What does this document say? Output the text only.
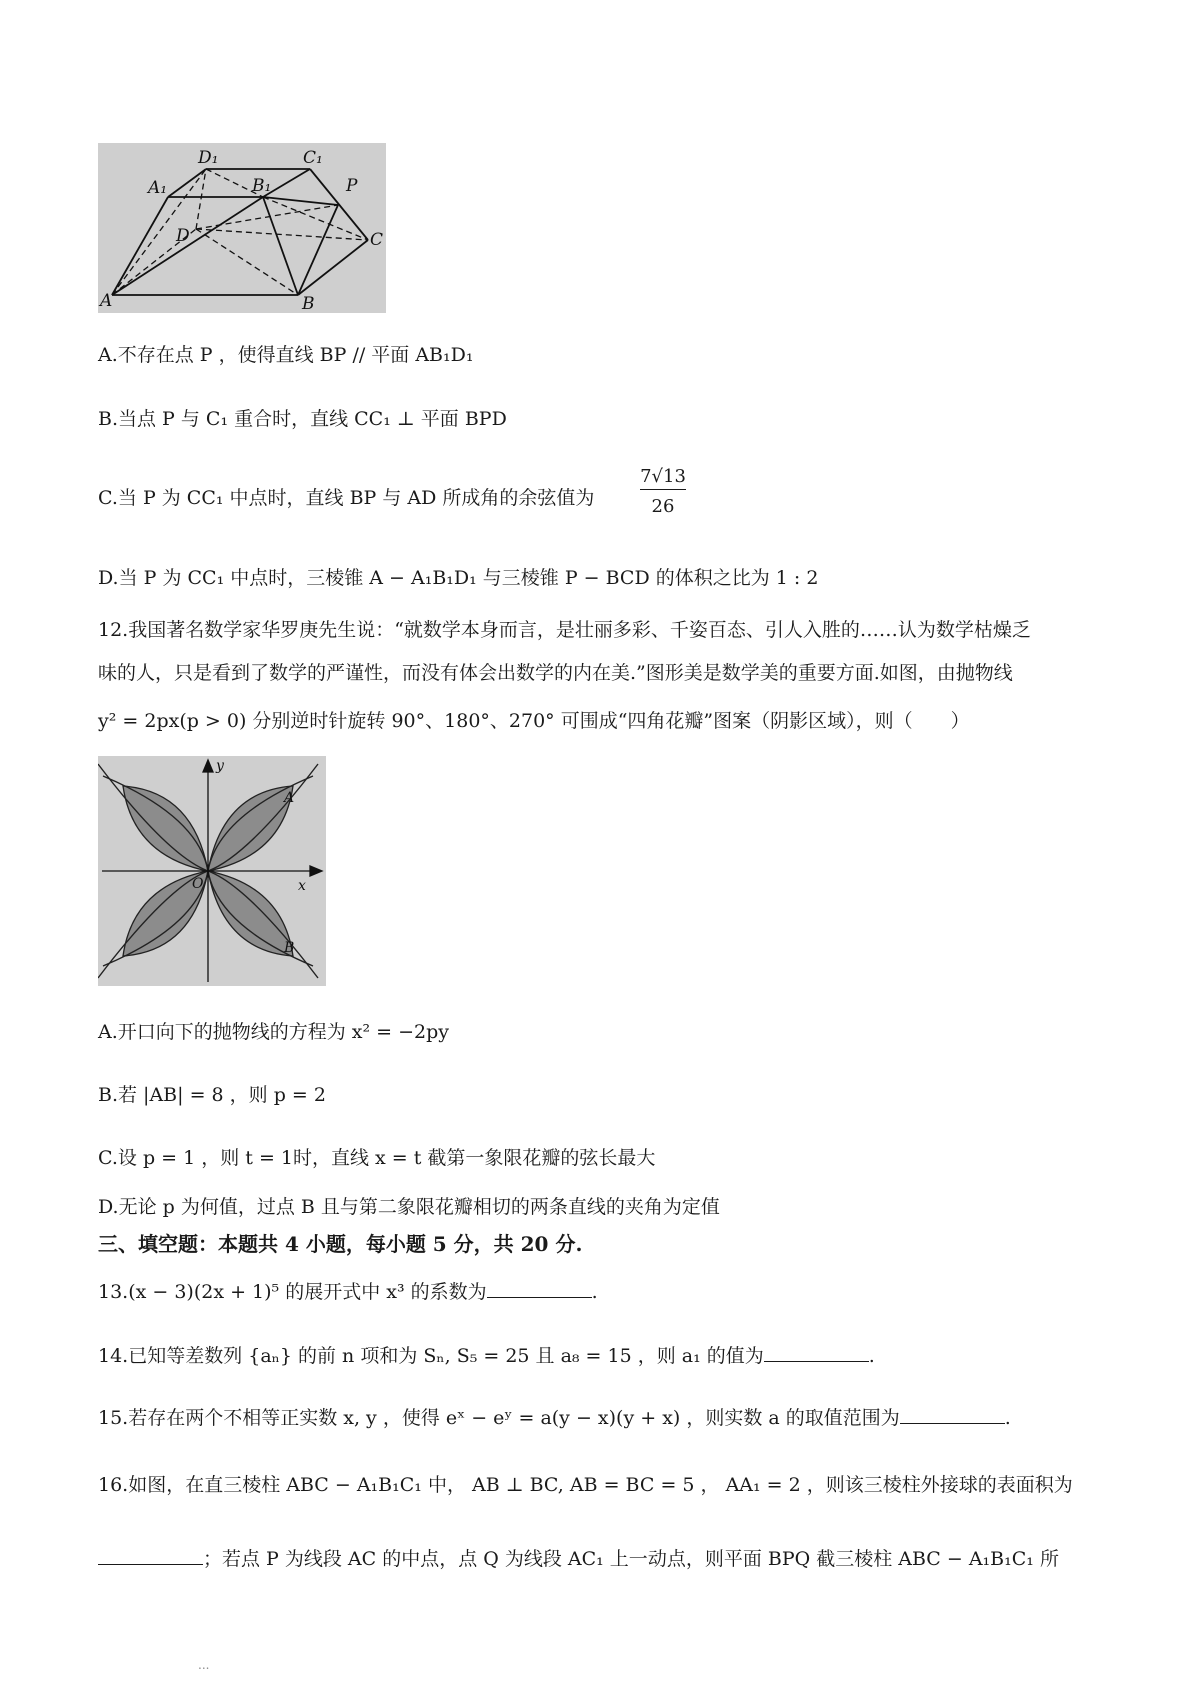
D₁	C₁
A₁	B₁	P
D	C
A	B
A.不存在点 P ，使得直线 BP // 平面 AB₁D₁
B.当点 P 与 C₁ 重合时，直线 CC₁ ⊥ 平面 BPD
C.当 P 为 CC₁ 中点时，直线 BP 与 AD 所成角的余弦值为	$\frac{7√13}{26}$
D.当 P 为 CC₁ 中点时，三棱锥 A − A₁B₁D₁ 与三棱锥 P − BCD 的体积之比为 1 : 2
12.我国著名数学家华罗庚先生说：“就数学本身而言，是壮丽多彩、千姿百态、引人入胜的……认为数学枯燥乏
味的人，只是看到了数学的严谨性，而没有体会出数学的内在美.”图形美是数学美的重要方面.如图，由抛物线
y² = 2px(p > 0) 分别逆时针旋转 90°、180°、270° 可围成“四角花瓣”图案（阴影区域），则（　　）
y
x
O
A
B
A.开口向下的抛物线的方程为 x² = −2py
B.若 |AB| = 8 ，则 p = 2
C.设 p = 1 ，则 t = 1时，直线 x = t 截第一象限花瓣的弦长最大
D.无论 p 为何值，过点 B 且与第二象限花瓣相切的两条直线的夹角为定值
三、填空题：本题共 4 小题，每小题 5 分，共 20 分.
13.(x − 3)(2x + 1)⁵ 的展开式中 x³ 的系数为	.
14.已知等差数列 {aₙ} 的前 n 项和为 Sₙ, S₅ = 25 且 a₈ = 15 ，则 a₁ 的值为	.
15.若存在两个不相等正实数 x, y ，使得 eˣ − eʸ = a(y − x)(y + x) ，则实数 a 的取值范围为	.
16.如图，在直三棱柱 ABC − A₁B₁C₁ 中， AB ⊥ BC, AB = BC = 5 ， AA₁ = 2 ，则该三棱柱外接球的表面积为
；若点 P 为线段 AC 的中点，点 Q 为线段 AC₁ 上一动点，则平面 BPQ 截三棱柱 ABC − A₁B₁C₁ 所
...
